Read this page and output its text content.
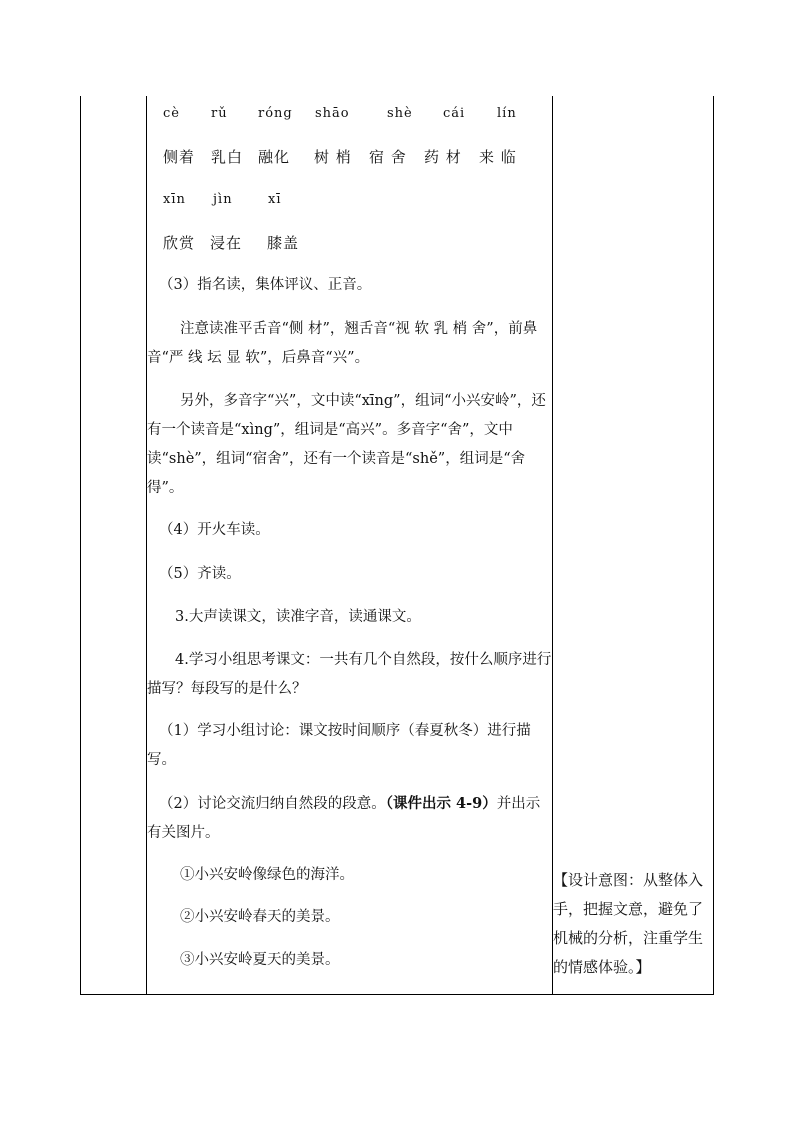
cè rǔ róng shāo	shè cái lín
侧着 乳白 融化 树 梢 宿 舍 药 材 来 临
xīn jìn	xī
欣赏 浸在 膝盖
（3）指名读，集体评议、正音。
注意读准平舌音“侧 材”，翘舌音“视 软 乳 梢 舍”，前鼻音“严 线 坛 显 软”，后鼻音“兴”。
另外，多音字“兴”，文中读“xīng”，组词“小兴安岭”，还有一个读音是“xìng”，组词是“高兴”。多音字“舍”，文中读“shè”，组词“宿舍”，还有一个读音是“shě”，组词是“舍得”。
（4）开火车读。
（5）齐读。
3.大声读课文，读准字音，读通课文。
4.学习小组思考课文：一共有几个自然段，按什么顺序进行描写？每段写的是什么？
（1）学习小组讨论：课文按时间顺序（春夏秋冬）进行描写。
（2）讨论交流归纳自然段的段意。（课件出示 4-9）并出示有关图片。
①小兴安岭像绿色的海洋。
②小兴安岭春天的美景。
③小兴安岭夏天的美景。
【设计意图：从整体入手，把握文意，避免了机械的分析，注重学生的情感体验。】
